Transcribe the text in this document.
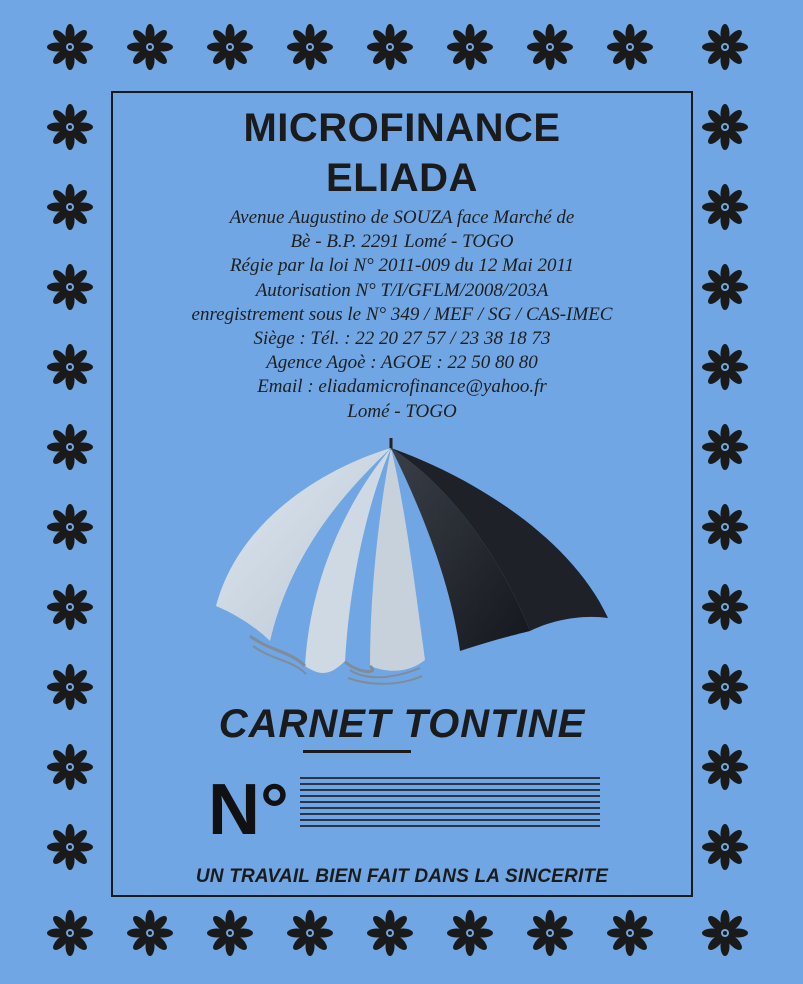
MICROFINANCE
ELIADA
Avenue Augustino de SOUZA face Marché de
Bè - B.P. 2291 Lomé - TOGO
Régie par la loi N° 2011-009 du 12 Mai 2011
Autorisation N° T/I/GFLM/2008/203A
enregistrement sous le N° 349 / MEF / SG / CAS-IMEC
Siège : Tél. : 22 20 27 57 / 23 38 18 73
Agence Agoè : AGOE : 22 50 80 80
Email : eliadamicrofinance@yahoo.fr
Lomé - TOGO
CARNET TONTINE
N°
UN TRAVAIL BIEN FAIT DANS LA SINCERITE
